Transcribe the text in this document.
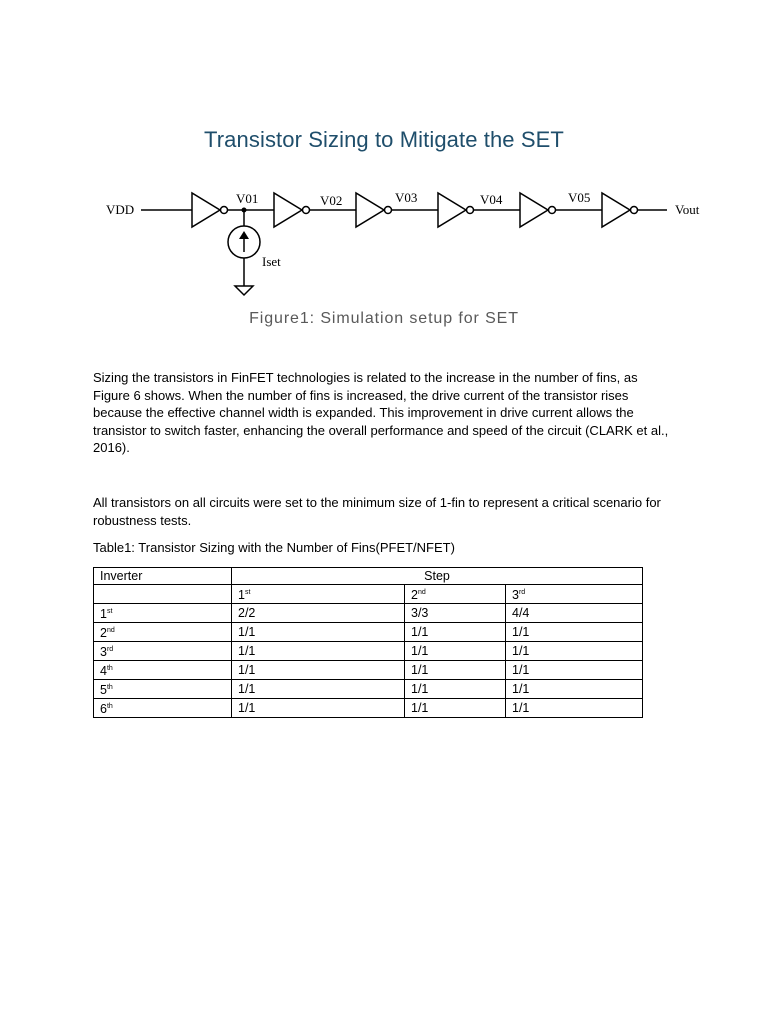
Transistor Sizing to Mitigate the SET
VDD
V01	V02	V03	V04	V05
Vout
Iset
Figure1: Simulation setup for SET
Sizing the transistors in FinFET technologies is related to the increase in the number of fins, as Figure 6 shows. When the number of fins is increased, the drive current of the transistor rises because the effective channel width is expanded. This improvement in drive current allows the transistor to switch faster, enhancing the overall performance and speed of the circuit (CLARK et al., 2016).
All transistors on all circuits were set to the minimum size of 1-fin to represent a critical scenario for robustness tests.
Table1: Transistor Sizing with the Number of Fins(PFET/NFET)
Inverter	Step		
	1st	2nd	3rd
1st	2/2	3/3	4/4
2nd	1/1	1/1	1/1
3rd	1/1	1/1	1/1
4th	1/1	1/1	1/1
5th	1/1	1/1	1/1
6th	1/1	1/1	1/1
